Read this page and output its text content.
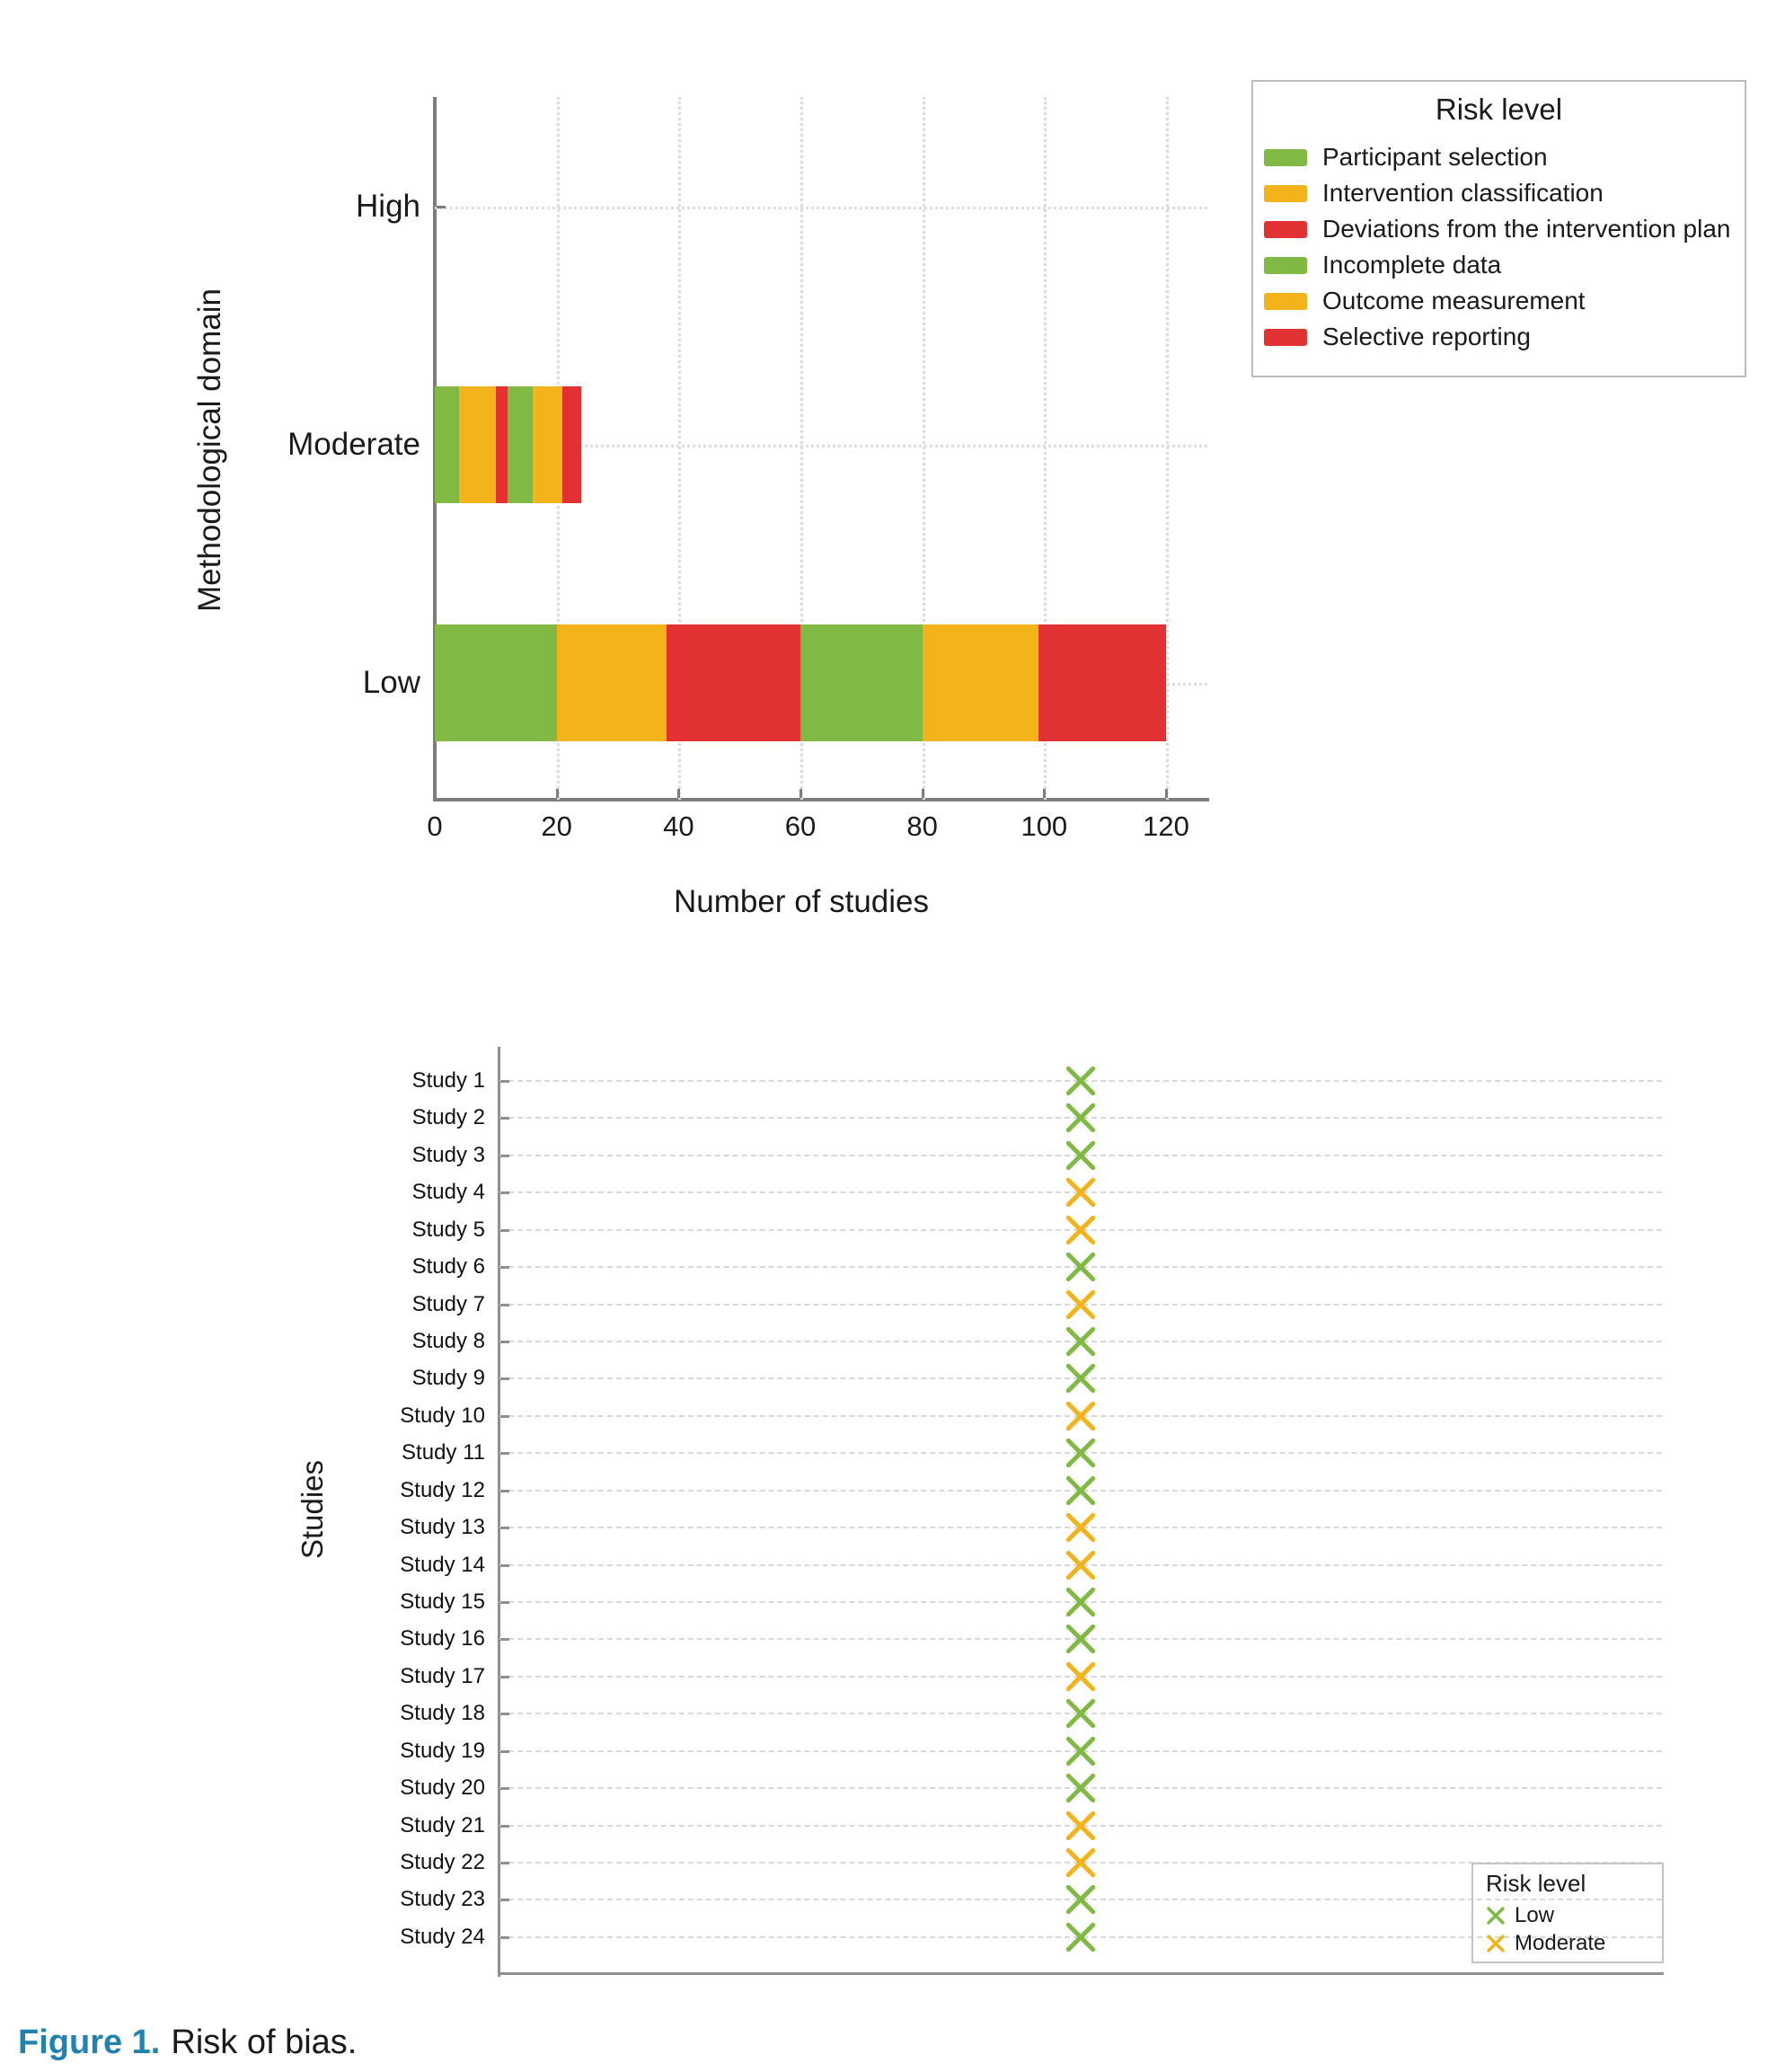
Number of studies
0	20	40	60	80	100	120
High
Moderate
Low
Methodological domain
Risk level
Participant selection
Intervention classification
Deviations from the intervention plan
Incomplete data
Outcome measurement
Selective reporting
Study 1
Study 2
Study 3
Study 4
Study 5
Study 6
Study 7
Study 8
Study 9
Study 10
Study 11
Study 12
Study 13
Study 14
Study 15
Study 16
Study 17
Study 18
Study 19
Study 20
Study 21
Study 22
Study 23
Study 24
Studies
Risk level
Low
Moderate
Figure 1. Risk of bias.
